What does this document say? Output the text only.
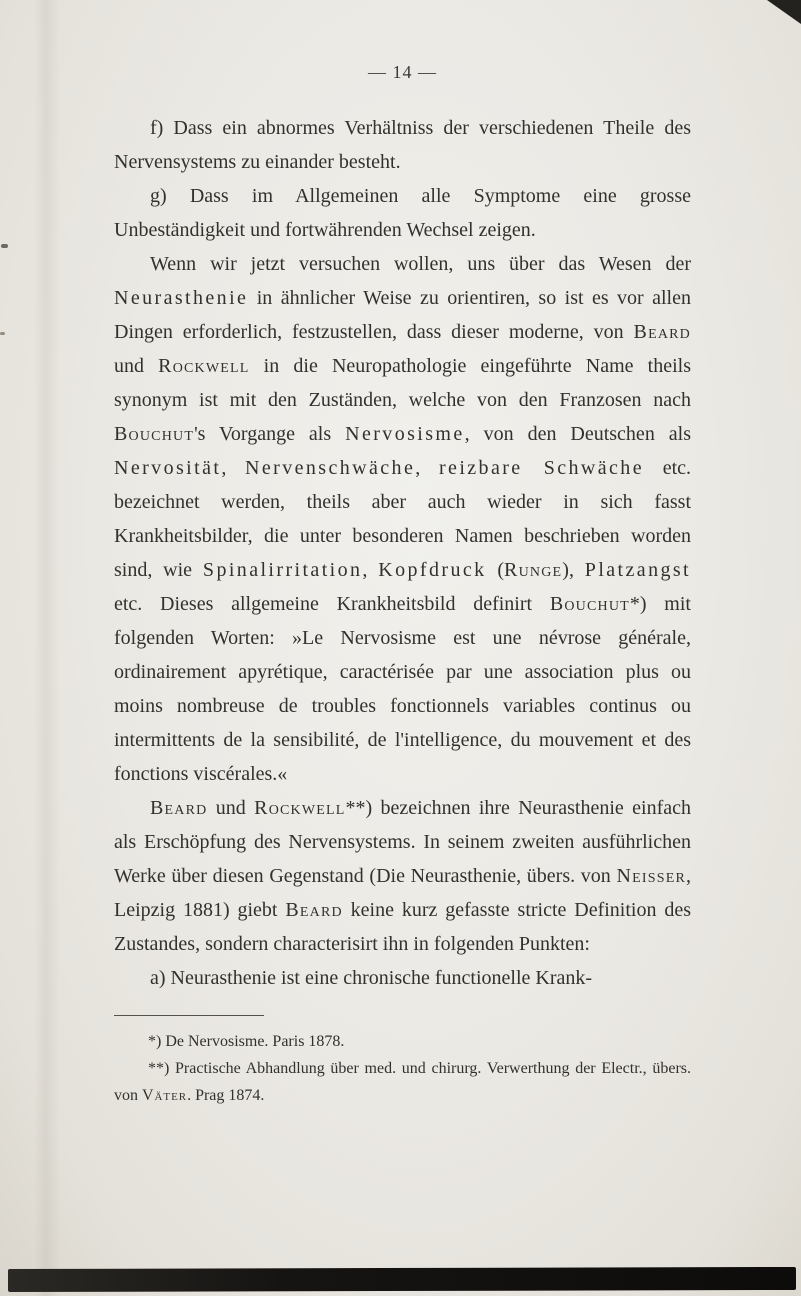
— 14 —

f) Dass ein abnormes Verhältniss der verschiedenen Theile des Nervensystems zu einander besteht.

g) Dass im Allgemeinen alle Symptome eine grosse Unbeständigkeit und fortwährenden Wechsel zeigen.

Wenn wir jetzt versuchen wollen, uns über das Wesen der Neurasthenie in ähnlicher Weise zu orientiren, so ist es vor allen Dingen erforderlich, festzustellen, dass dieser moderne, von Beard und Rockwell in die Neuropathologie eingeführte Name theils synonym ist mit den Zuständen, welche von den Franzosen nach Bouchut's Vorgange als Nervosisme, von den Deutschen als Nervosität, Nervenschwäche, reizbare Schwäche etc. bezeichnet werden, theils aber auch wieder in sich fasst Krankheitsbilder, die unter besonderen Namen beschrieben worden sind, wie Spinalirritation, Kopfdruck (Runge), Platzangst etc. Dieses allgemeine Krankheitsbild definirt Bouchut*) mit folgenden Worten: »Le Nervosisme est une névrose générale, ordinairement apyrétique, caractérisée par une association plus ou moins nombreuse de troubles fonctionnels variables continus ou intermittents de la sensibilité, de l'intelligence, du mouvement et des fonctions viscérales.«

Beard und Rockwell**) bezeichnen ihre Neurasthenie einfach als Erschöpfung des Nervensystems. In seinem zweiten ausführlichen Werke über diesen Gegenstand (Die Neurasthenie, übers. von Neisser, Leipzig 1881) giebt Beard keine kurz gefasste stricte Definition des Zustandes, sondern characterisirt ihn in folgenden Punkten:

a) Neurasthenie ist eine chronische functionelle Krank-

*) De Nervosisme. Paris 1878.

**) Practische Abhandlung über med. und chirurg. Verwerthung der Electr., übers. von Väter. Prag 1874.
